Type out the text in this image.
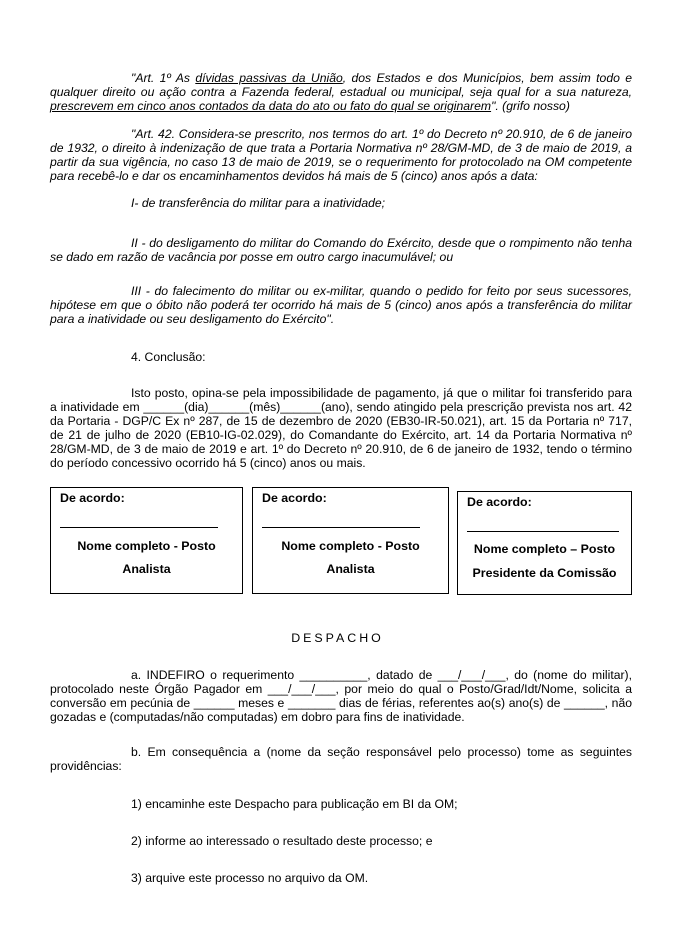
"Art. 1º As dívidas passivas da União, dos Estados e dos Municípios, bem assim todo e qualquer direito ou ação contra a Fazenda federal, estadual ou municipal, seja qual for a sua natureza, prescrevem em cinco anos contados da data do ato ou fato do qual se originarem". (grifo nosso)
"Art. 42. Considera-se prescrito, nos termos do art. 1º do Decreto nº 20.910, de 6 de janeiro de 1932, o direito à indenização de que trata a Portaria Normativa nº 28/GM-MD, de 3 de maio de 2019, a partir da sua vigência, no caso 13 de maio de 2019, se o requerimento for protocolado na OM competente para recebê-lo e dar os encaminhamentos devidos há mais de 5 (cinco) anos após a data:
I- de transferência do militar para a inatividade;
II - do desligamento do militar do Comando do Exército, desde que o rompimento não tenha se dado em razão de vacância por posse em outro cargo inacumulável; ou
III - do falecimento do militar ou ex-militar, quando o pedido for feito por seus sucessores, hipótese em que o óbito não poderá ter ocorrido há mais de 5 (cinco) anos após a transferência do militar para a inatividade ou seu desligamento do Exército".
4. Conclusão:
Isto posto, opina-se pela impossibilidade de pagamento, já que o militar foi transferido para a inatividade em ______(dia)______(mês)______(ano), sendo atingido pela prescrição prevista nos art. 42 da Portaria - DGP/C Ex nº 287, de 15 de dezembro de 2020 (EB30-IR-50.021), art. 15 da Portaria nº 717, de 21 de julho de 2020 (EB10-IG-02.029), do Comandante do Exército, art. 14 da Portaria Normativa nº 28/GM-MD, de 3 de maio de 2019 e art. 1º do Decreto nº 20.910, de 6 de janeiro de 1932, tendo o término do período concessivo ocorrido há 5 (cinco) anos ou mais.
De acordo:
Nome completo - Posto
Analista
De acordo:
Nome completo - Posto
Analista
De acordo:
Nome completo – Posto
Presidente da Comissão
DESPACHO
a. INDEFIRO o requerimento __________, datado de ___/___/___, do (nome do militar), protocolado neste Órgão Pagador em ___/___/___, por meio do qual o Posto/Grad/Idt/Nome, solicita a conversão em pecúnia de ______ meses e _______ dias de férias, referentes ao(s) ano(s) de ______, não gozadas e (computadas/não computadas) em dobro para fins de inatividade.
b. Em consequência a (nome da seção responsável pelo processo) tome as seguintes providências:
1) encaminhe este Despacho para publicação em BI da OM;
2) informe ao interessado o resultado deste processo; e
3) arquive este processo no arquivo da OM.
